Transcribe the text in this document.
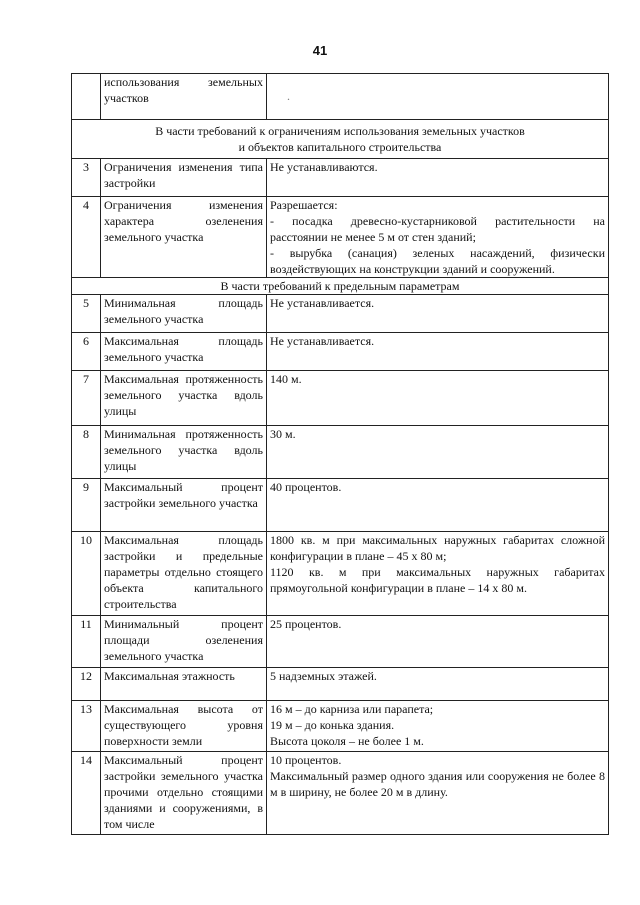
41
	использования земельных участков	.

В части требований к ограничениям использования земельных участков
и объектов капитального строительства		

3	Ограничения изменения типа застройки	Не устанавливаются.
4	Ограничения изменения характера озеленения земельного участка	Разрешается:
- посадка древесно-кустарниковой растительности на расстоянии не менее 5 м от стен зданий;
- вырубка (санация) зеленых насаждений, физически воздействующих на конструкции зданий и сооружений.

В части требований к предельным параметрам		
5	Минимальная площадь земельного участка	Не устанавливается.
6	Максимальная площадь земельного участка	Не устанавливается.
7	Максимальная протяженность земельного участка вдоль улицы	140 м.
8	Минимальная протяженность земельного участка вдоль улицы	30 м.
9	Максимальный процент застройки земельного участка	40 процентов.
10	Максимальная площадь застройки и предельные параметры отдельно стоящего объекта капитального строительства	1800 кв. м при максимальных наружных габаритах сложной конфигурации в плане – 45 х 80 м;
1120 кв. м при максимальных наружных габаритах прямоугольной конфигурации в плане – 14 х 80 м.

11	Минимальный процент площади озеленения земельного участка	25 процентов.
12	Максимальная этажность	5 надземных этажей.
13	Максимальная высота от существующего уровня поверхности земли	16 м – до карниза или парапета;
19 м – до конька здания.
Высота цоколя – не более 1 м.

14	Максимальный процент застройки земельного участка прочими отдельно стоящими зданиями и сооружениями, в том числе	10 процентов.
Максимальный размер одного здания или сооружения не более 8 м в ширину, не более 20 м в длину.
